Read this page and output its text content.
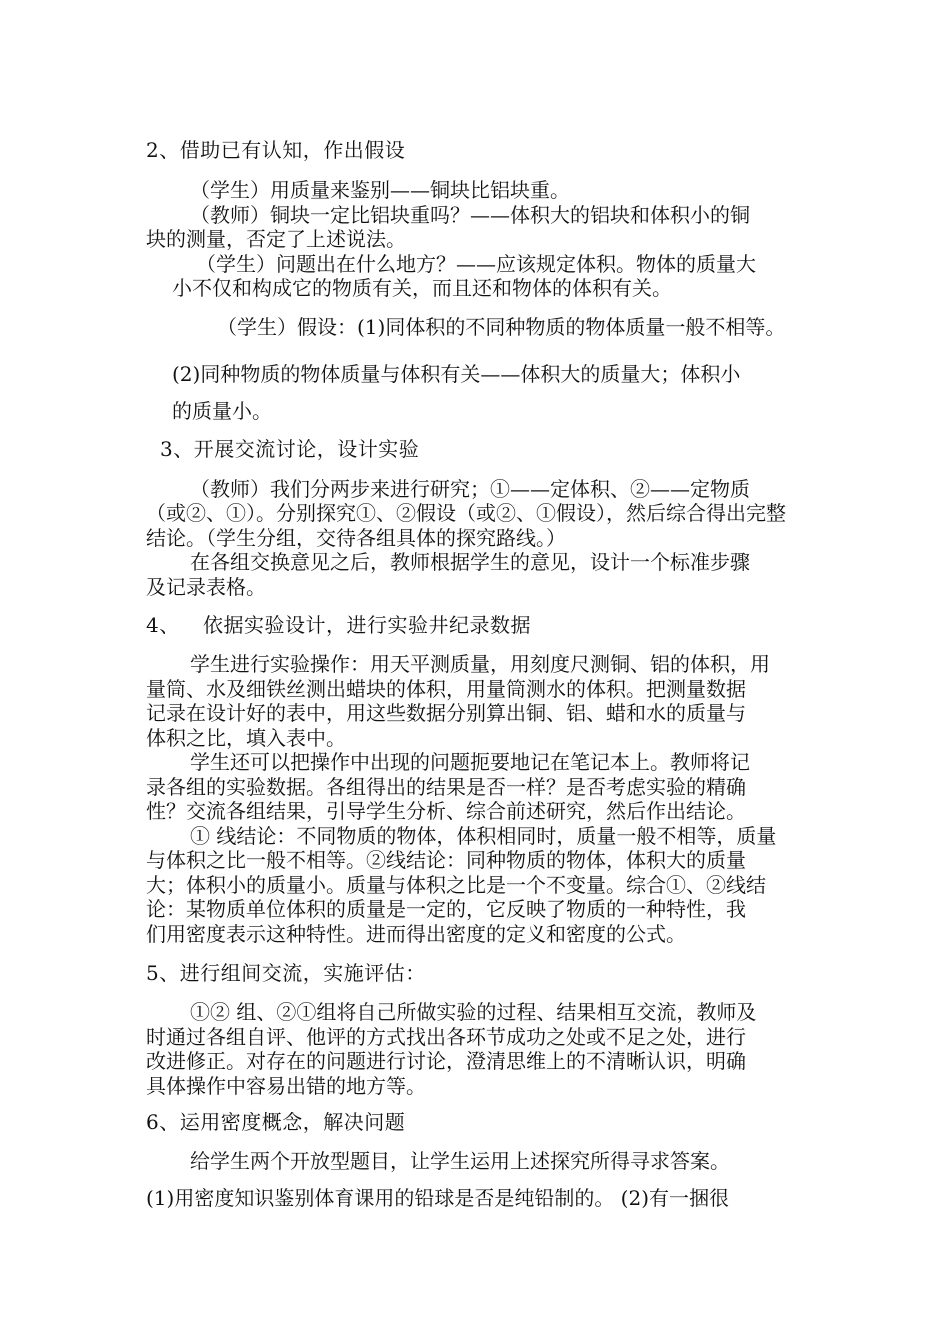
2、借助已有认知，作出假设

（学生）用质量来鉴别——铜块比铝块重。

（教师）铜块一定比铝块重吗？——体积大的铝块和体积小的铜

块的测量，否定了上述说法。

（学生）问题出在什么地方？——应该规定体积。物体的质量大

小不仅和构成它的物质有关，而且还和物体的体积有关。

（学生）假设：(1)同体积的不同种物质的物体质量一般不相等。

(2)同种物质的物体质量与体积有关——体积大的质量大；体积小

的质量小。

3、开展交流讨论，设计实验

（教师）我们分两步来进行研究；①——定体积、②——定物质

（或②、①）。分别探究①、②假设（或②、①假设），然后综合得出完整

结论。（学生分组，交待各组具体的探究路线。）

在各组交换意见之后，教师根据学生的意见，设计一个标准步骤

及记录表格。

4、 依据实验设计，进行实验井纪录数据

学生进行实验操作：用天平测质量，用刻度尺测铜、铝的体积，用

量筒、水及细铁丝测出蜡块的体积，用量筒测水的体积。把测量数据

记录在设计好的表中，用这些数据分别算出铜、铝、蜡和水的质量与

体积之比，填入表中。

学生还可以把操作中出现的问题扼要地记在笔记本上。教师将记

录各组的实验数据。各组得出的结果是否一样？是否考虑实验的精确

性？交流各组结果，引导学生分析、综合前述研究，然后作出结论。

① 线结论：不同物质的物体，体积相同时，质量一般不相等，质量

与体积之比一般不相等。②线结论：同种物质的物体，体积大的质量

大；体积小的质量小。质量与体积之比是一个不变量。综合①、②线结

论：某物质单位体积的质量是一定的，它反映了物质的一种特性，我

们用密度表示这种特性。进而得出密度的定义和密度的公式。

5、进行组间交流，实施评估：

①② 组、②①组将自己所做实验的过程、结果相互交流，教师及

时通过各组自评、他评的方式找出各环节成功之处或不足之处，进行

改进修正。对存在的问题进行讨论，澄清思维上的不清晰认识，明确

具体操作中容易出错的地方等。

6、运用密度概念，解决问题

给学生两个开放型题目，让学生运用上述探究所得寻求答案。

(1)用密度知识鉴别体育课用的铅球是否是纯铅制的。 (2)有一捆很
